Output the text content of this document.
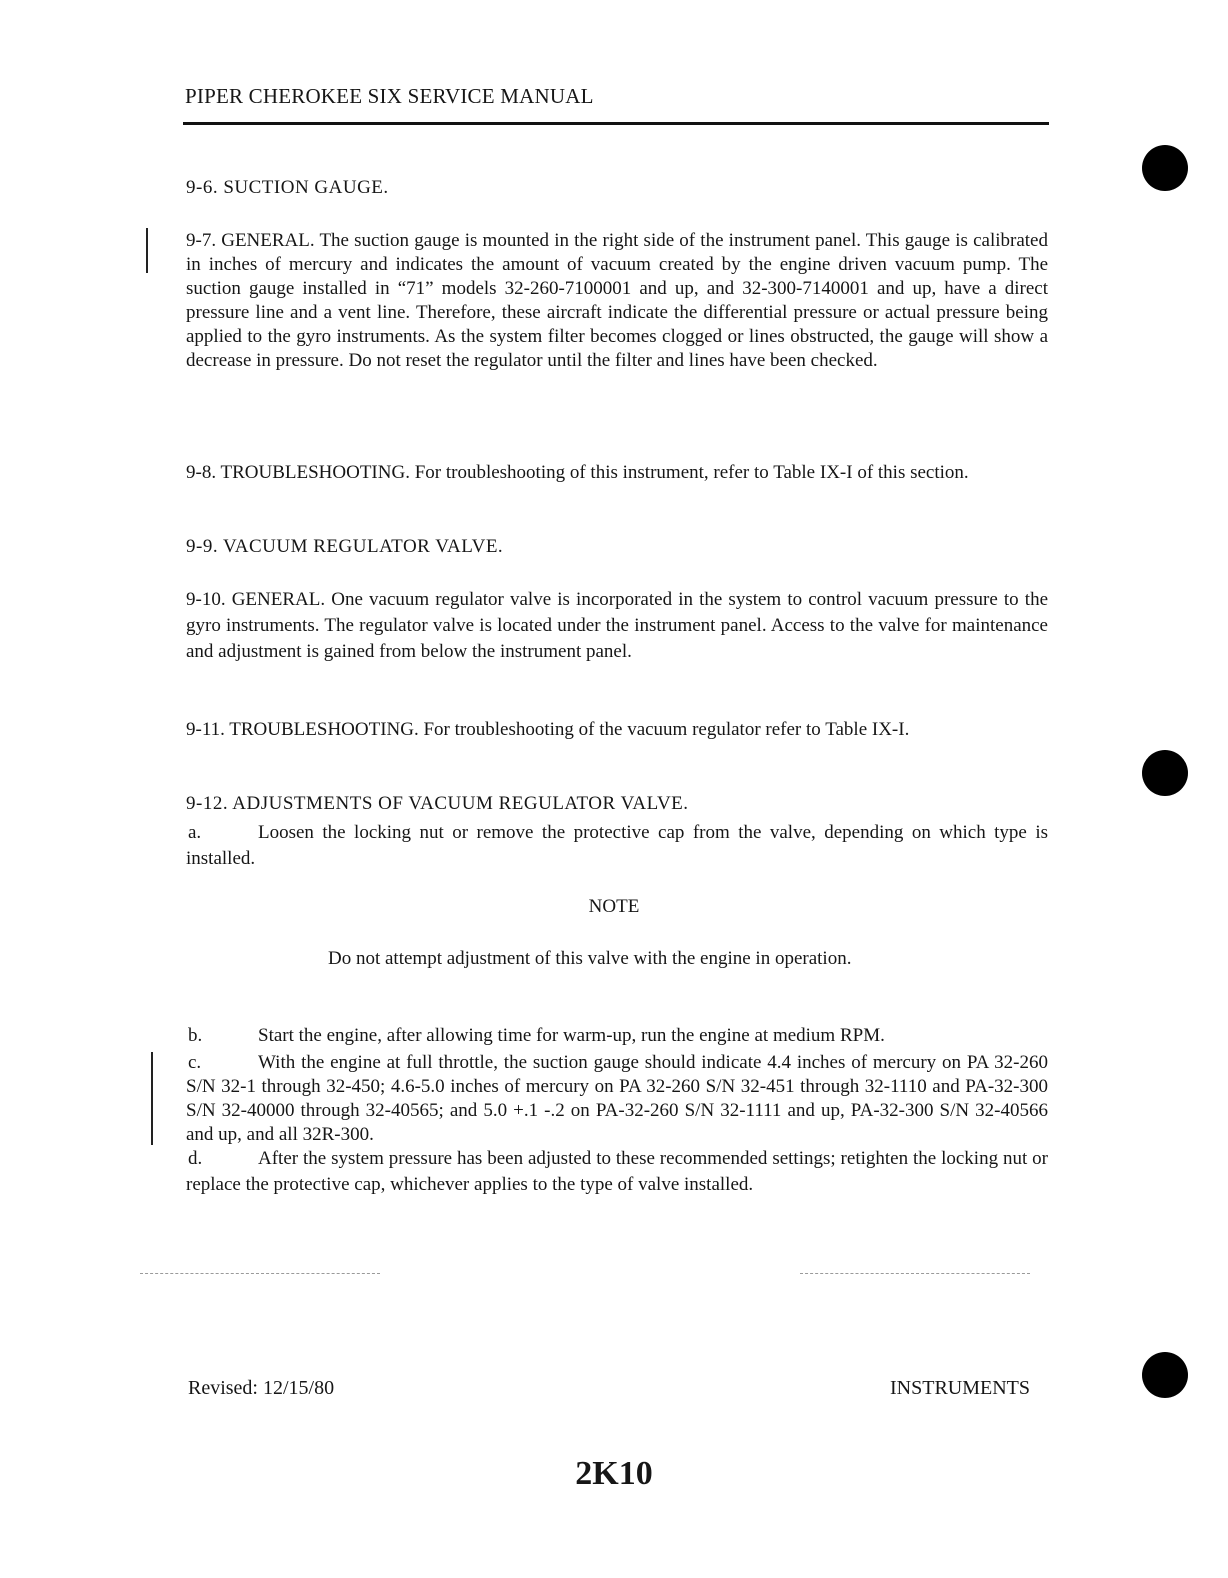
PIPER CHEROKEE SIX SERVICE MANUAL
9-6. SUCTION GAUGE.
9-7. GENERAL. The suction gauge is mounted in the right side of the instrument panel. This gauge is calibrated in inches of mercury and indicates the amount of vacuum created by the engine driven vacuum pump. The suction gauge installed in “71” models 32-260-7100001 and up, and 32-300-7140001 and up, have a direct pressure line and a vent line. Therefore, these aircraft indicate the differential pressure or actual pressure being applied to the gyro instruments. As the system filter becomes clogged or lines obstructed, the gauge will show a decrease in pressure. Do not reset the regulator until the filter and lines have been checked.
9-8. TROUBLESHOOTING. For troubleshooting of this instrument, refer to Table IX-I of this section.
9-9. VACUUM REGULATOR VALVE.
9-10. GENERAL. One vacuum regulator valve is incorporated in the system to control vacuum pressure to the gyro instruments. The regulator valve is located under the instrument panel. Access to the valve for maintenance and adjustment is gained from below the instrument panel.
9-11. TROUBLESHOOTING. For troubleshooting of the vacuum regulator refer to Table IX-I.
9-12. ADJUSTMENTS OF VACUUM REGULATOR VALVE.
a.	Loosen the locking nut or remove the protective cap from the valve, depending on which type is installed.
NOTE
Do not attempt adjustment of this valve with the engine in operation.
b.	Start the engine, after allowing time for warm-up, run the engine at medium RPM.
c.	With the engine at full throttle, the suction gauge should indicate 4.4 inches of mercury on PA 32-260 S/N 32-1 through 32-450; 4.6-5.0 inches of mercury on PA 32-260 S/N 32-451 through 32-1110 and PA-32-300 S/N 32-40000 through 32-40565; and 5.0 +.1 -.2 on PA-32-260 S/N 32-1111 and up, PA-32-300 S/N 32-40566 and up, and all 32R-300.
d.	After the system pressure has been adjusted to these recommended settings; retighten the locking nut or replace the protective cap, whichever applies to the type of valve installed.
Revised: 12/15/80	INSTRUMENTS
2K10
